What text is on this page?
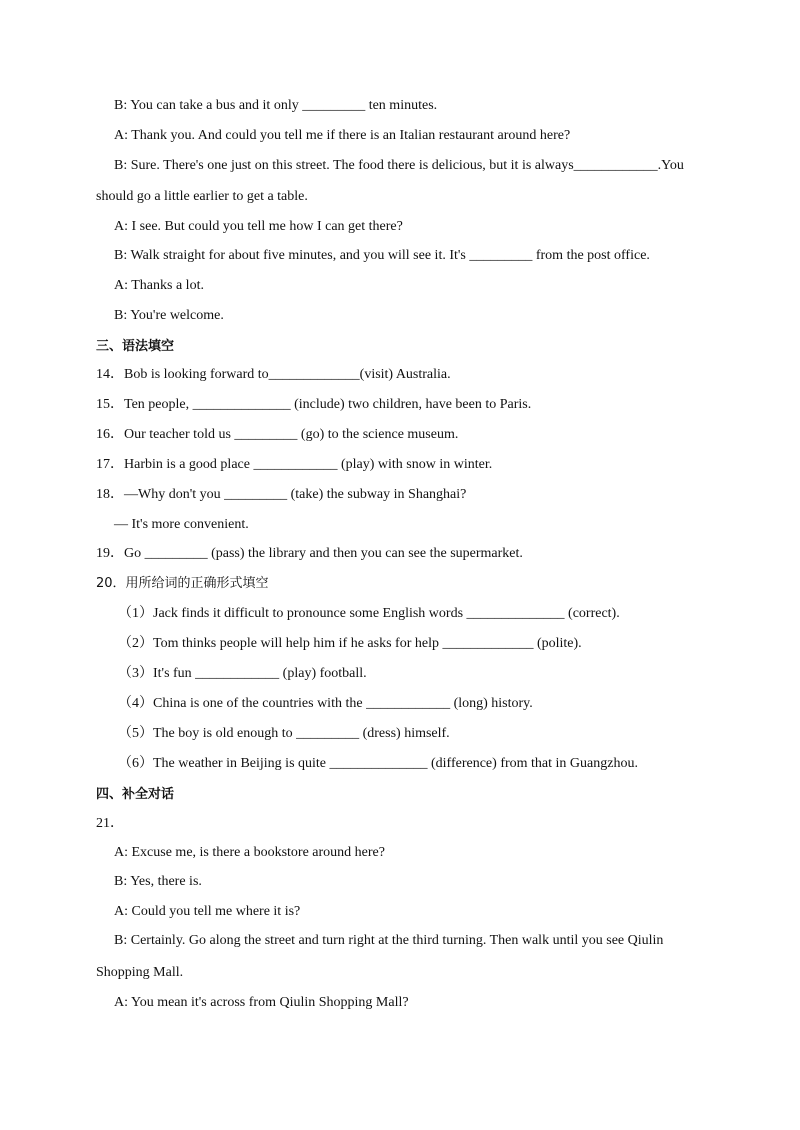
B: You can take a bus and it only _________ ten minutes.
A: Thank you. And could you tell me if there is an Italian restaurant around here?
B: Sure. There's one just on this street. The food there is delicious, but it is always____________.You
should go a little earlier to get a table.
A: I see. But could you tell me how I can get there?
B: Walk straight for about five minutes, and you will see it. It's _________ from the post office.
A: Thanks a lot.
B: You're welcome.
三、语法填空
14．Bob is looking forward to_____________(visit) Australia.
15．Ten people, ______________ (include) two children, have been to Paris.
16．Our teacher told us _________ (go) to the science museum.
17．Harbin is a good place ____________ (play) with snow in winter.
18．—Why don't you _________ (take) the subway in Shanghai?
— It's more convenient.
19．Go _________ (pass) the library and then you can see the supermarket.
20．用所给词的正确形式填空
（1）Jack finds it difficult to pronounce some English words ______________ (correct).
（2）Tom thinks people will help him if he asks for help _____________ (polite).
（3）It's fun ____________ (play) football.
（4）China is one of the countries with the ____________ (long) history.
（5）The boy is old enough to _________ (dress) himself.
（6）The weather in Beijing is quite ______________ (difference) from that in Guangzhou.
四、补全对话
21．
A: Excuse me, is there a bookstore around here?
B: Yes, there is.
A: Could you tell me where it is?
B: Certainly. Go along the street and turn right at the third turning. Then walk until you see Qiulin
Shopping Mall.
A: You mean it's across from Qiulin Shopping Mall?
